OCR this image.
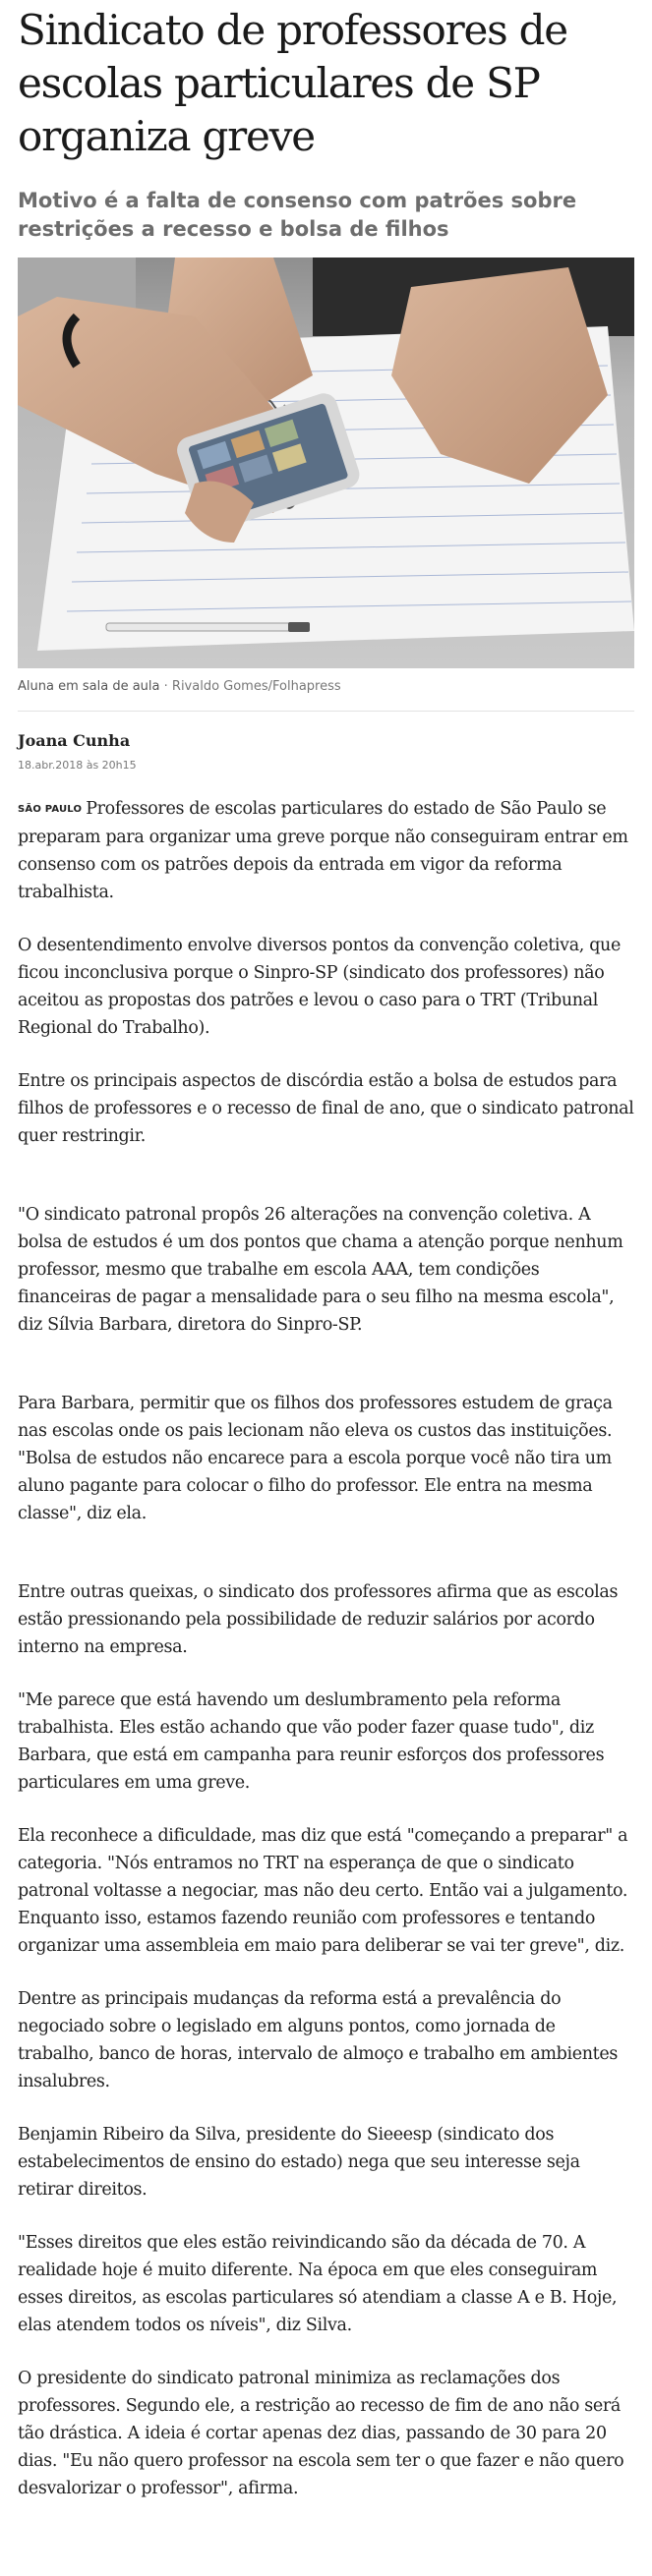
Sindicato de professores de escolas particulares de SP organiza greve
Motivo é a falta de consenso com patrões sobre restrições a recesso e bolsa de filhos

Aluna em sala de aula · Rivaldo Gomes/Folhapress

Joana Cunha

18.abr.2018 às 20h15

SÃO PAULO Professores de escolas particulares do estado de São Paulo se preparam para organizar uma greve porque não conseguiram entrar em consenso com os patrões depois da entrada em vigor da reforma trabalhista.

O desentendimento envolve diversos pontos da convenção coletiva, que ficou inconclusiva porque o Sinpro-SP (sindicato dos professores) não aceitou as propostas dos patrões e levou o caso para o TRT (Tribunal Regional do Trabalho).

Entre os principais aspectos de discórdia estão a bolsa de estudos para filhos de professores e o recesso de final de ano, que o sindicato patronal quer restringir.

"O sindicato patronal propôs 26 alterações na convenção coletiva. A bolsa de estudos é um dos pontos que chama a atenção porque nenhum professor, mesmo que trabalhe em escola AAA, tem condições financeiras de pagar a mensalidade para o seu filho na mesma escola", diz Sílvia Barbara, diretora do Sinpro-SP.

Para Barbara, permitir que os filhos dos professores estudem de graça nas escolas onde os pais lecionam não eleva os custos das instituições. "Bolsa de estudos não encarece para a escola porque você não tira um aluno pagante para colocar o filho do professor. Ele entra na mesma classe", diz ela.

Entre outras queixas, o sindicato dos professores afirma que as escolas estão pressionando pela possibilidade de reduzir salários por acordo interno na empresa.

"Me parece que está havendo um deslumbramento pela reforma trabalhista. Eles estão achando que vão poder fazer quase tudo", diz Barbara, que está em campanha para reunir esforços dos professores particulares em uma greve.

Ela reconhece a dificuldade, mas diz que está "começando a preparar" a categoria. "Nós entramos no TRT na esperança de que o sindicato patronal voltasse a negociar, mas não deu certo. Então vai a julgamento. Enquanto isso, estamos fazendo reunião com professores e tentando organizar uma assembleia em maio para deliberar se vai ter greve", diz.

Dentre as principais mudanças da reforma está a prevalência do negociado sobre o legislado em alguns pontos, como jornada de trabalho, banco de horas, intervalo de almoço e trabalho em ambientes insalubres.

Benjamin Ribeiro da Silva, presidente do Sieeesp (sindicato dos estabelecimentos de ensino do estado) nega que seu interesse seja retirar direitos.

"Esses direitos que eles estão reivindicando são da década de 70. A realidade hoje é muito diferente. Na época em que eles conseguiram esses direitos, as escolas particulares só atendiam a classe A e B. Hoje, elas atendem todos os níveis", diz Silva.

O presidente do sindicato patronal minimiza as reclamações dos professores. Segundo ele, a restrição ao recesso de fim de ano não será tão drástica. A ideia é cortar apenas dez dias, passando de 30 para 20 dias. "Eu não quero professor na escola sem ter o que fazer e não quero desvalorizar o professor", afirma.
